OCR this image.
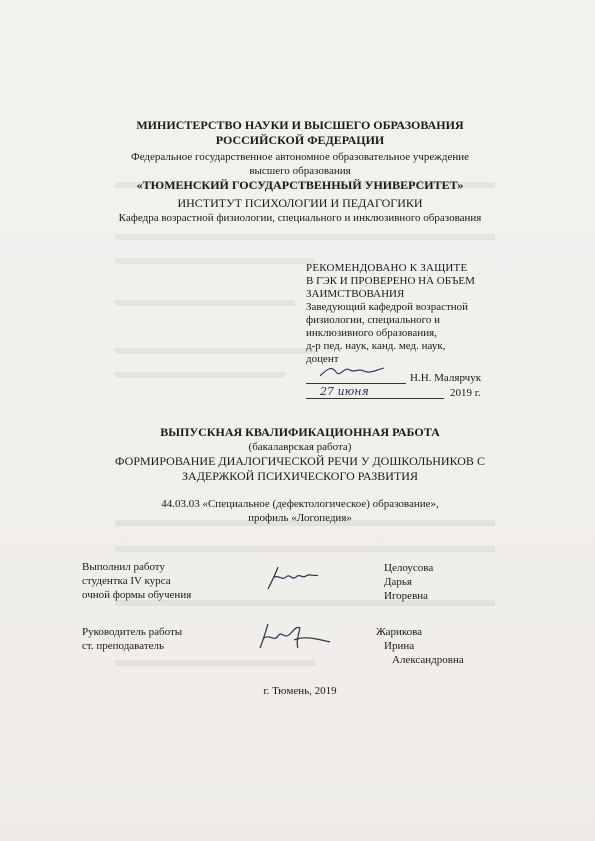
МИНИСТЕРСТВО НАУКИ И ВЫСШЕГО ОБРАЗОВАНИЯ
РОССИЙСКОЙ ФЕДЕРАЦИИ
Федеральное государственное автономное образовательное учреждение
высшего образования
«ТЮМЕНСКИЙ ГОСУДАРСТВЕННЫЙ УНИВЕРСИТЕТ»
ИНСТИТУТ ПСИХОЛОГИИ И ПЕДАГОГИКИ
Кафедра возрастной физиологии, специального и инклюзивного образования
РЕКОМЕНДОВАНО К ЗАЩИТЕ
В ГЭК И ПРОВЕРЕНО НА ОБЪЕМ
ЗАИМСТВОВАНИЯ
Заведующий кафедрой возрастной
физиологии, специального и
инклюзивного образования,
д-р пед. наук, канд. мед. наук,
доцент
Н.Н. Малярчук
27 июня	2019 г.
ВЫПУСКНАЯ КВАЛИФИКАЦИОННАЯ РАБОТА
(бакалаврская работа)
ФОРМИРОВАНИЕ ДИАЛОГИЧЕСКОЙ РЕЧИ У ДОШКОЛЬНИКОВ С
ЗАДЕРЖКОЙ ПСИХИЧЕСКОГО РАЗВИТИЯ
44.03.03 «Специальное (дефектологическое) образование»,
профиль «Логопедия»
Выполнил работу
студентка IV курса
очной формы обучения
Целоусова
Дарья
Игоревна
Руководитель работы
ст. преподаватель
Жарикова
Ирина
Александровна
г. Тюмень, 2019
